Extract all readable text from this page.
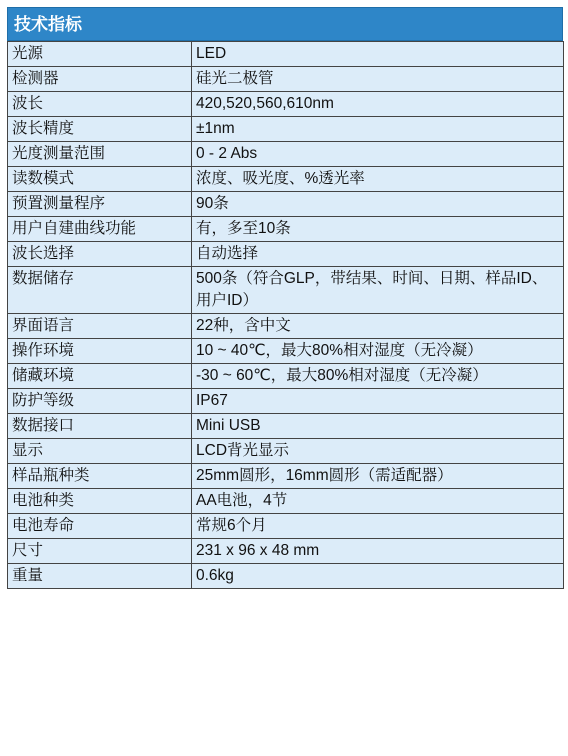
技术指标
光源	LED
检测器	硅光二极管
波长	420,520,560,610nm
波长精度	±1nm
光度测量范围	0 - 2 Abs
读数模式	浓度、吸光度、%透光率
预置测量程序	90条
用户自建曲线功能	有，多至10条
波长选择	自动选择
数据储存	500条（符合GLP，带结果、时间、日期、样品ID、用户ID）
界面语言	22种，含中文
操作环境	10 ~ 40℃，最大80%相对湿度（无冷凝）
储藏环境	-30 ~ 60℃，最大80%相对湿度（无冷凝）
防护等级	IP67
数据接口	Mini USB
显示	LCD背光显示
样品瓶种类	25mm圆形，16mm圆形（需适配器）
电池种类	AA电池，4节
电池寿命	常规6个月
尺寸	231 x 96 x 48 mm
重量	0.6kg
